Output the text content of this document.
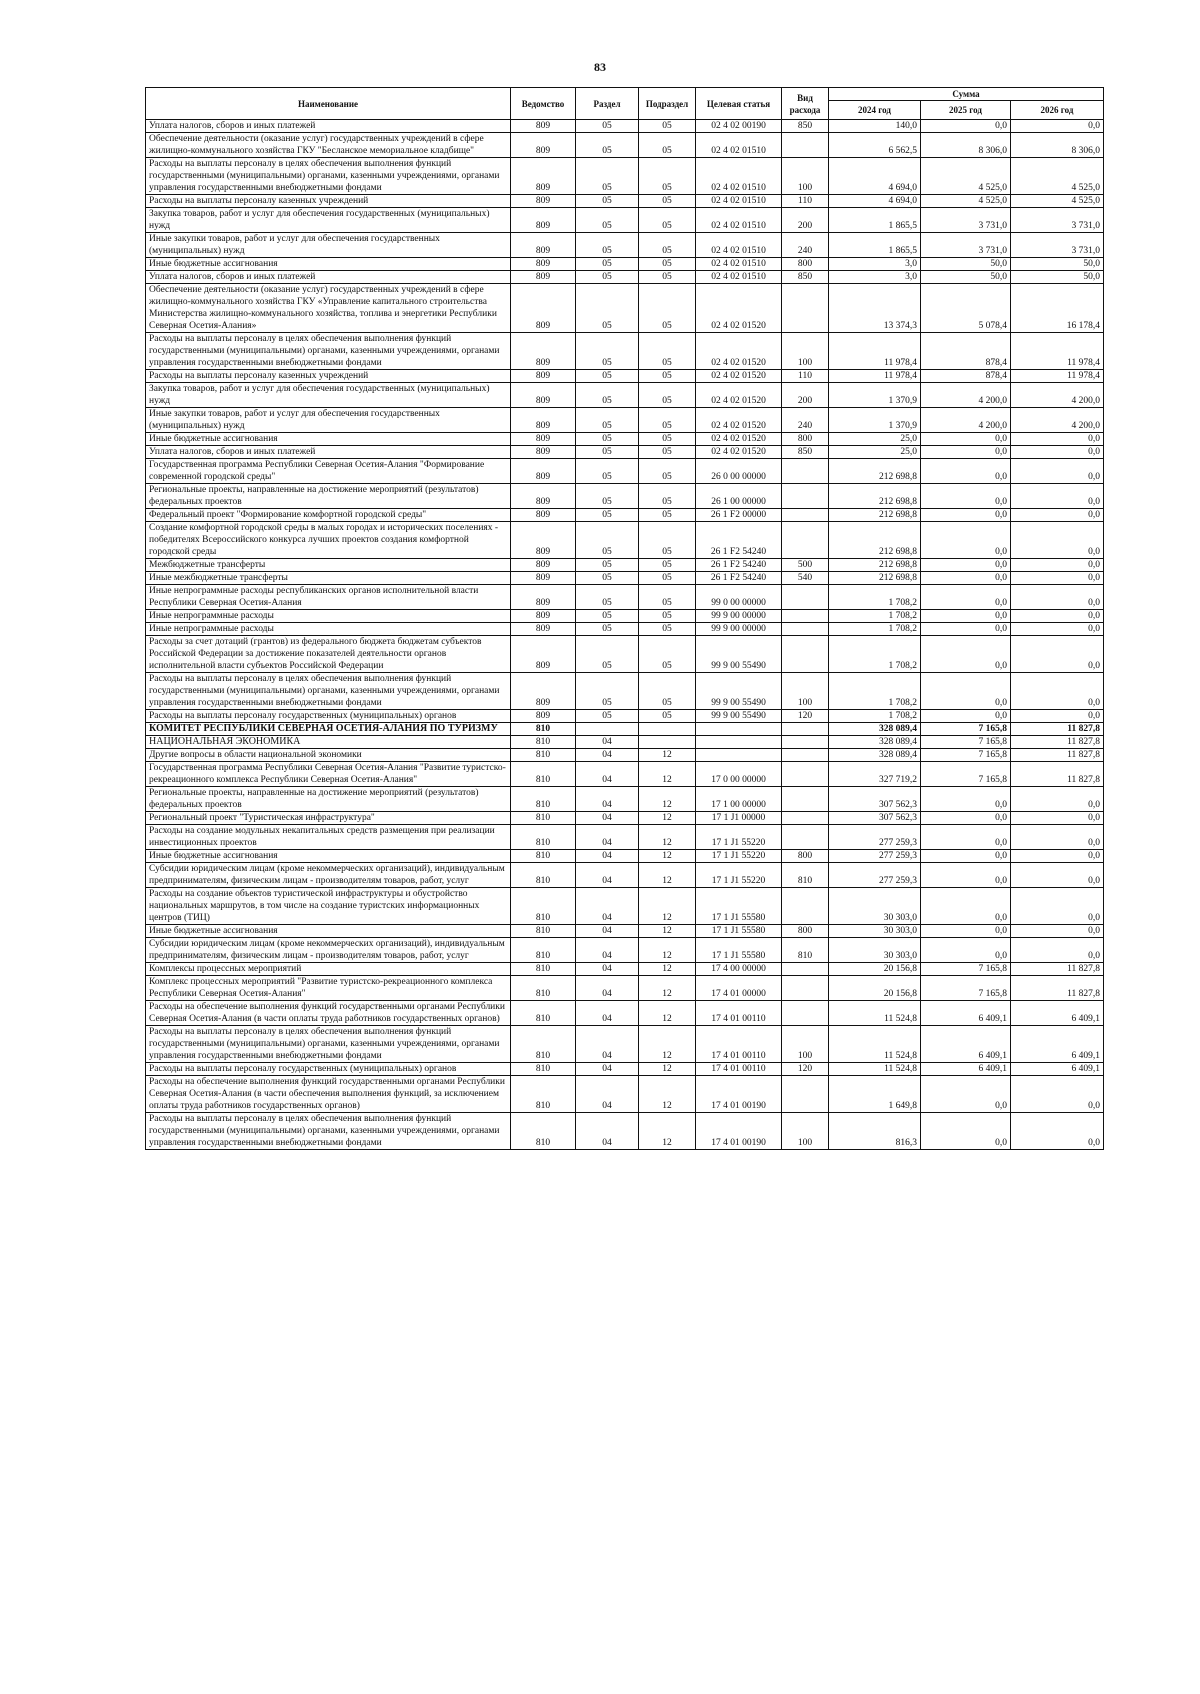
83
Наименование	Ведомство	Раздел	Подраздел	Целевая статья	Вид расхода	Сумма		
						2024 год	2025 год	2026 год
Уплата налогов, сборов и иных платежей	809	05	05	02 4 02 00190	850	140,0	0,0	0,0
Обеспечение деятельности (оказание услуг) государственных учреждений в сфере жилищно-коммунального хозяйства ГКУ "Бесланское мемориальное кладбище"	809	05	05	02 4 02 01510		6 562,5	8 306,0	8 306,0
Расходы на выплаты персоналу в целях обеспечения выполнения функций государственными (муниципальными) органами, казенными учреждениями, органами управления государственными внебюджетными фондами	809	05	05	02 4 02 01510	100	4 694,0	4 525,0	4 525,0
Расходы на выплаты персоналу казенных учреждений	809	05	05	02 4 02 01510	110	4 694,0	4 525,0	4 525,0
Закупка товаров, работ и услуг для обеспечения государственных (муниципальных) нужд	809	05	05	02 4 02 01510	200	1 865,5	3 731,0	3 731,0
Иные закупки товаров, работ и услуг для обеспечения государственных (муниципальных) нужд	809	05	05	02 4 02 01510	240	1 865,5	3 731,0	3 731,0
Иные бюджетные ассигнования	809	05	05	02 4 02 01510	800	3,0	50,0	50,0
Уплата налогов, сборов и иных платежей	809	05	05	02 4 02 01510	850	3,0	50,0	50,0
Обеспечение деятельности (оказание услуг) государственных учреждений в сфере жилищно-коммунального хозяйства ГКУ «Управление капитального строительства Министерства жилищно-коммунального хозяйства, топлива и энергетики Республики Северная Осетия-Алания»	809	05	05	02 4 02 01520		13 374,3	5 078,4	16 178,4
Расходы на выплаты персоналу в целях обеспечения выполнения функций государственными (муниципальными) органами, казенными учреждениями, органами управления государственными внебюджетными фондами	809	05	05	02 4 02 01520	100	11 978,4	878,4	11 978,4
Расходы на выплаты персоналу казенных учреждений	809	05	05	02 4 02 01520	110	11 978,4	878,4	11 978,4
Закупка товаров, работ и услуг для обеспечения государственных (муниципальных) нужд	809	05	05	02 4 02 01520	200	1 370,9	4 200,0	4 200,0
Иные закупки товаров, работ и услуг для обеспечения государственных (муниципальных) нужд	809	05	05	02 4 02 01520	240	1 370,9	4 200,0	4 200,0
Иные бюджетные ассигнования	809	05	05	02 4 02 01520	800	25,0	0,0	0,0
Уплата налогов, сборов и иных платежей	809	05	05	02 4 02 01520	850	25,0	0,0	0,0
Государственная программа Республики Северная Осетия-Алания "Формирование современной городской среды"	809	05	05	26 0 00 00000		212 698,8	0,0	0,0
Региональные проекты, направленные на достижение мероприятий (результатов) федеральных проектов	809	05	05	26 1 00 00000		212 698,8	0,0	0,0
Федеральный проект "Формирование комфортной городской среды"	809	05	05	26 1 F2 00000		212 698,8	0,0	0,0
Создание комфортной городской среды в малых городах и исторических поселениях - победителях Всероссийского конкурса лучших проектов создания комфортной городской среды	809	05	05	26 1 F2 54240		212 698,8	0,0	0,0
Межбюджетные трансферты	809	05	05	26 1 F2 54240	500	212 698,8	0,0	0,0
Иные межбюджетные трансферты	809	05	05	26 1 F2 54240	540	212 698,8	0,0	0,0
Иные непрограммные расходы республиканских органов исполнительной власти Республики Северная Осетия-Алания	809	05	05	99 0 00 00000		1 708,2	0,0	0,0
Иные непрограммные расходы	809	05	05	99 9 00 00000		1 708,2	0,0	0,0
Иные непрограммные расходы	809	05	05	99 9 00 00000		1 708,2	0,0	0,0
Расходы за счет дотаций (грантов) из федерального бюджета бюджетам субъектов Российской Федерации за достижение показателей деятельности органов исполнительной власти субъектов Российской Федерации	809	05	05	99 9 00 55490		1 708,2	0,0	0,0
Расходы на выплаты персоналу в целях обеспечения выполнения функций государственными (муниципальными) органами, казенными учреждениями, органами управления государственными внебюджетными фондами	809	05	05	99 9 00 55490	100	1 708,2	0,0	0,0
Расходы на выплаты персоналу государственных (муниципальных) органов	809	05	05	99 9 00 55490	120	1 708,2	0,0	0,0
КОМИТЕТ РЕСПУБЛИКИ СЕВЕРНАЯ ОСЕТИЯ-АЛАНИЯ ПО ТУРИЗМУ	810					328 089,4	7 165,8	11 827,8
НАЦИОНАЛЬНАЯ ЭКОНОМИКА	810	04				328 089,4	7 165,8	11 827,8
Другие вопросы в области национальной экономики	810	04	12			328 089,4	7 165,8	11 827,8
Государственная программа Республики Северная Осетия-Алания "Развитие туристско-рекреационного комплекса Республики Северная Осетия-Алания"	810	04	12	17 0 00 00000		327 719,2	7 165,8	11 827,8
Региональные проекты, направленные на достижение мероприятий (результатов) федеральных проектов	810	04	12	17 1 00 00000		307 562,3	0,0	0,0
Региональный проект "Туристическая инфраструктура"	810	04	12	17 1 J1 00000		307 562,3	0,0	0,0
Расходы на создание модульных некапитальных средств размещения при реализации инвестиционных проектов	810	04	12	17 1 J1 55220		277 259,3	0,0	0,0
Иные бюджетные ассигнования	810	04	12	17 1 J1 55220	800	277 259,3	0,0	0,0
Субсидии юридическим лицам (кроме некоммерческих организаций), индивидуальным предпринимателям, физическим лицам - производителям товаров, работ, услуг	810	04	12	17 1 J1 55220	810	277 259,3	0,0	0,0
Расходы на создание объектов туристической инфраструктуры и обустройство национальных маршрутов, в том числе на создание туристских информационных центров (ТИЦ)	810	04	12	17 1 J1 55580		30 303,0	0,0	0,0
Иные бюджетные ассигнования	810	04	12	17 1 J1 55580	800	30 303,0	0,0	0,0
Субсидии юридическим лицам (кроме некоммерческих организаций), индивидуальным предпринимателям, физическим лицам - производителям товаров, работ, услуг	810	04	12	17 1 J1 55580	810	30 303,0	0,0	0,0
Комплексы процессных мероприятий	810	04	12	17 4 00 00000		20 156,8	7 165,8	11 827,8
Комплекс процессных мероприятий "Развитие туристско-рекреационного комплекса Республики Северная Осетия-Алания"	810	04	12	17 4 01 00000		20 156,8	7 165,8	11 827,8
Расходы на обеспечение выполнения функций государственными органами Республики Северная Осетия-Алания (в части оплаты труда работников государственных органов)	810	04	12	17 4 01 00110		11 524,8	6 409,1	6 409,1
Расходы на выплаты персоналу в целях обеспечения выполнения функций государственными (муниципальными) органами, казенными учреждениями, органами управления государственными внебюджетными фондами	810	04	12	17 4 01 00110	100	11 524,8	6 409,1	6 409,1
Расходы на выплаты персоналу государственных (муниципальных) органов	810	04	12	17 4 01 00110	120	11 524,8	6 409,1	6 409,1
Расходы на обеспечение выполнения функций государственными органами Республики Северная Осетия-Алания (в части обеспечения выполнения функций, за исключением оплаты труда работников государственных органов)	810	04	12	17 4 01 00190		1 649,8	0,0	0,0
Расходы на выплаты персоналу в целях обеспечения выполнения функций государственными (муниципальными) органами, казенными учреждениями, органами управления государственными внебюджетными фондами	810	04	12	17 4 01 00190	100	816,3	0,0	0,0
